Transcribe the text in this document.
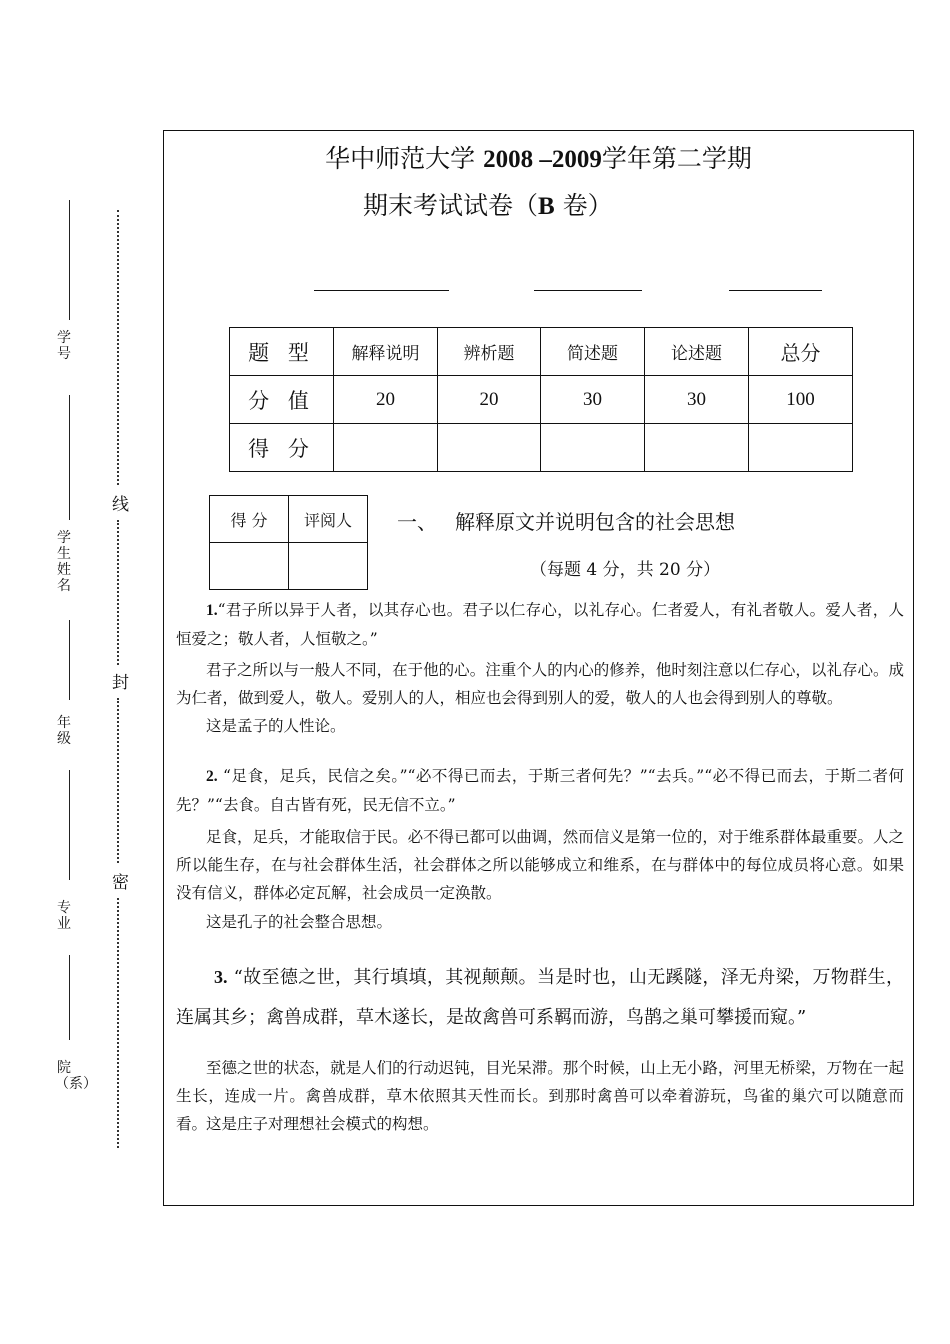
学号
学生姓名
年级
专业
院（系）
线
封
密
华中师范大学 2008 –2009学年第二学期
期末考试试卷（B 卷）
题 型	解释说明	辨析题	简述题	论述题	总分
分 值	20	20	30	30	100
得 分					
得 分	评阅人
	一、 解释原文并说明包含的社会思想
（每题 4 分，共 20 分）
1.“君子所以异于人者，以其存心也。君子以仁存心，以礼存心。仁者爱人，有礼者敬人。爱人者，人恒爱之；敬人者，人恒敬之。”
君子之所以与一般人不同，在于他的心。注重个人的内心的修养，他时刻注意以仁存心，以礼存心。成为仁者，做到爱人，敬人。爱别人的人，相应也会得到别人的爱，敬人的人也会得到别人的尊敬。
这是孟子的人性论。
2. “足食，足兵，民信之矣。”“必不得已而去，于斯三者何先？”“去兵。”“必不得已而去，于斯二者何先？”“去食。自古皆有死，民无信不立。”
足食，足兵，才能取信于民。必不得已都可以曲调，然而信义是第一位的，对于维系群体最重要。人之所以能生存，在与社会群体生活，社会群体之所以能够成立和维系，在与群体中的每位成员将心意。如果没有信义，群体必定瓦解，社会成员一定涣散。
这是孔子的社会整合思想。
3. “故至德之世，其行填填，其视颠颠。当是时也，山无蹊隧，泽无舟梁，万物群生，连属其乡；禽兽成群，草木遂长，是故禽兽可系羁而游，鸟鹊之巢可攀援而窥。”
至德之世的状态，就是人们的行动迟钝，目光呆滞。那个时候，山上无小路，河里无桥梁，万物在一起生长，连成一片。禽兽成群，草木依照其天性而长。到那时禽兽可以牵着游玩，鸟雀的巢穴可以随意而看。
这是庄子对理想社会模式的构想。
